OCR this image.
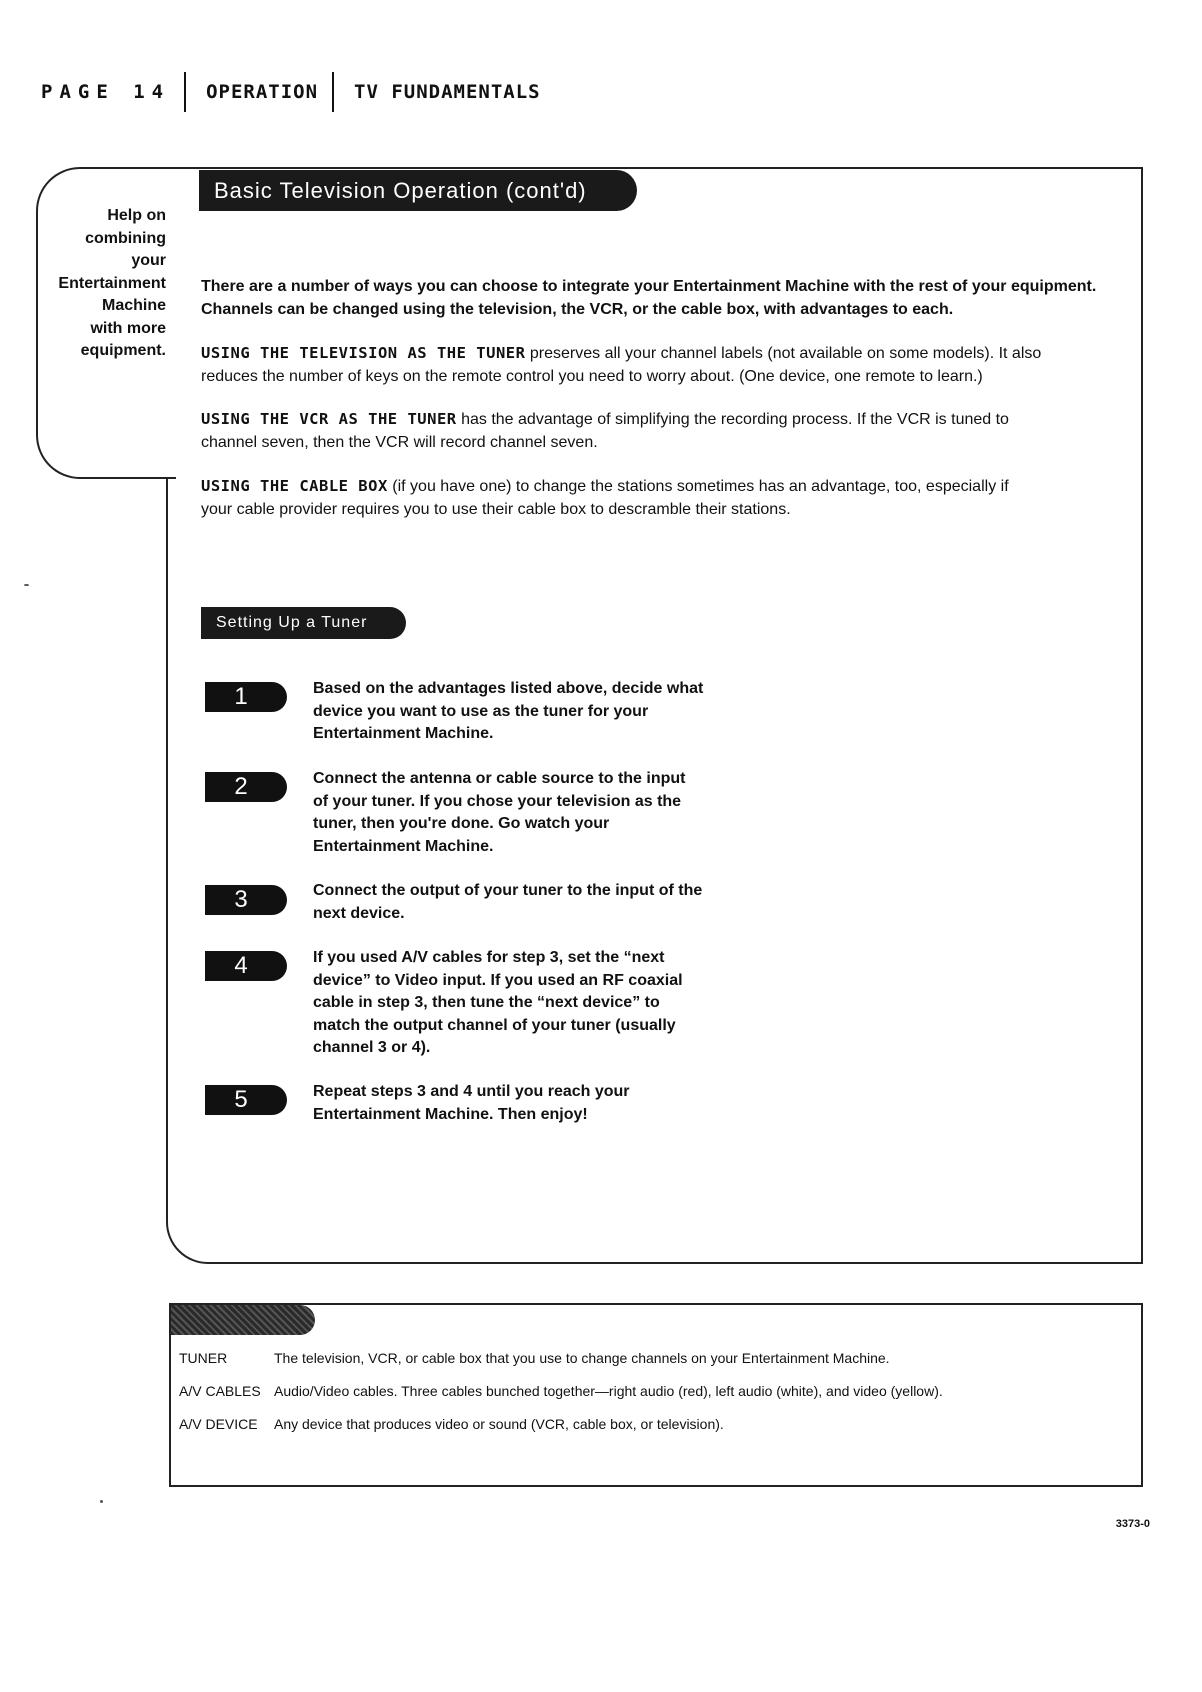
PAGE 14 OPERATION TV FUNDAMENTALS
Help on
combining
your
Entertainment
Machine
with more
equipment.
Basic Television Operation (cont'd)
There are a number of ways you can choose to integrate your Entertainment Machine with the rest of your equipment.
Channels can be changed using the television, the VCR, or the cable box, with advantages to each.
USING THE TELEVISION AS THE TUNER preserves all your channel labels (not available on some models). It also
reduces the number of keys on the remote control you need to worry about. (One device, one remote to learn.)
USING THE VCR AS THE TUNER has the advantage of simplifying the recording process. If the VCR is tuned to
channel seven, then the VCR will record channel seven.
USING THE CABLE BOX (if you have one) to change the stations sometimes has an advantage, too, especially if
your cable provider requires you to use their cable box to descramble their stations.
Setting Up a Tuner
1	Based on the advantages listed above, decide what
device you want to use as the tuner for your
Entertainment Machine.
2	Connect the antenna or cable source to the input
of your tuner. If you chose your television as the
tuner, then you're done. Go watch your
Entertainment Machine.
3	Connect the output of your tuner to the input of the
next device.
4	If you used A/V cables for step 3, set the “next
device” to Video input. If you used an RF coaxial
cable in step 3, then tune the “next device” to
match the output channel of your tuner (usually
channel 3 or 4).
5	Repeat steps 3 and 4 until you reach your
Entertainment Machine. Then enjoy!
TUNER	The television, VCR, or cable box that you use to change channels on your Entertainment Machine.
A/V CABLES Audio/Video cables. Three cables bunched together—right audio (red), left audio (white), and video (yellow).
A/V DEVICE	Any device that produces video or sound (VCR, cable box, or television).
3373-0
